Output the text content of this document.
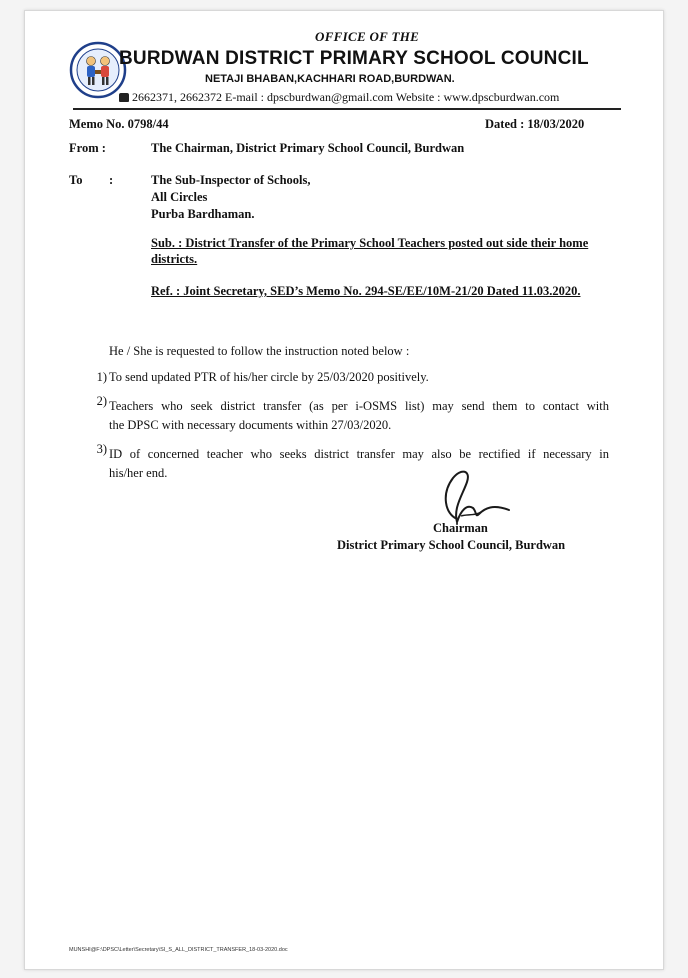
OFFICE OF THE
BURDWAN DISTRICT PRIMARY SCHOOL COUNCIL
NETAJI BHABAN,KACHHARI ROAD,BURDWAN.
2662371, 2662372 E-mail : dpscburdwan@gmail.com Website : www.dpscburdwan.com
Memo No. 0798/44	Dated : 18/03/2020
From :	The Chairman, District Primary School Council, Burdwan
To :	The Sub-Inspector of Schools,
All Circles
Purba Bardhaman.
Sub. : District Transfer of the Primary School Teachers posted out side their home districts.
Ref. : Joint Secretary, SED’s Memo No. 294-SE/EE/10M-21/20 Dated 11.03.2020.
He / She is requested to follow the instruction noted below :
1) To send updated PTR of his/her circle by 25/03/2020 positively.
2) Teachers who seek district transfer (as per i-OSMS list) may send them to contact with
the DPSC with necessary documents within 27/03/2020.
3) ID of concerned teacher who seeks district transfer may also be rectified if necessary in
his/her end.
Chairman
District Primary School Council, Burdwan
MUNSHI@F:\DPSC\Letter\Secretary\SI_S_ALL_DISTRICT_TRANSFER_18-03-2020.doc
